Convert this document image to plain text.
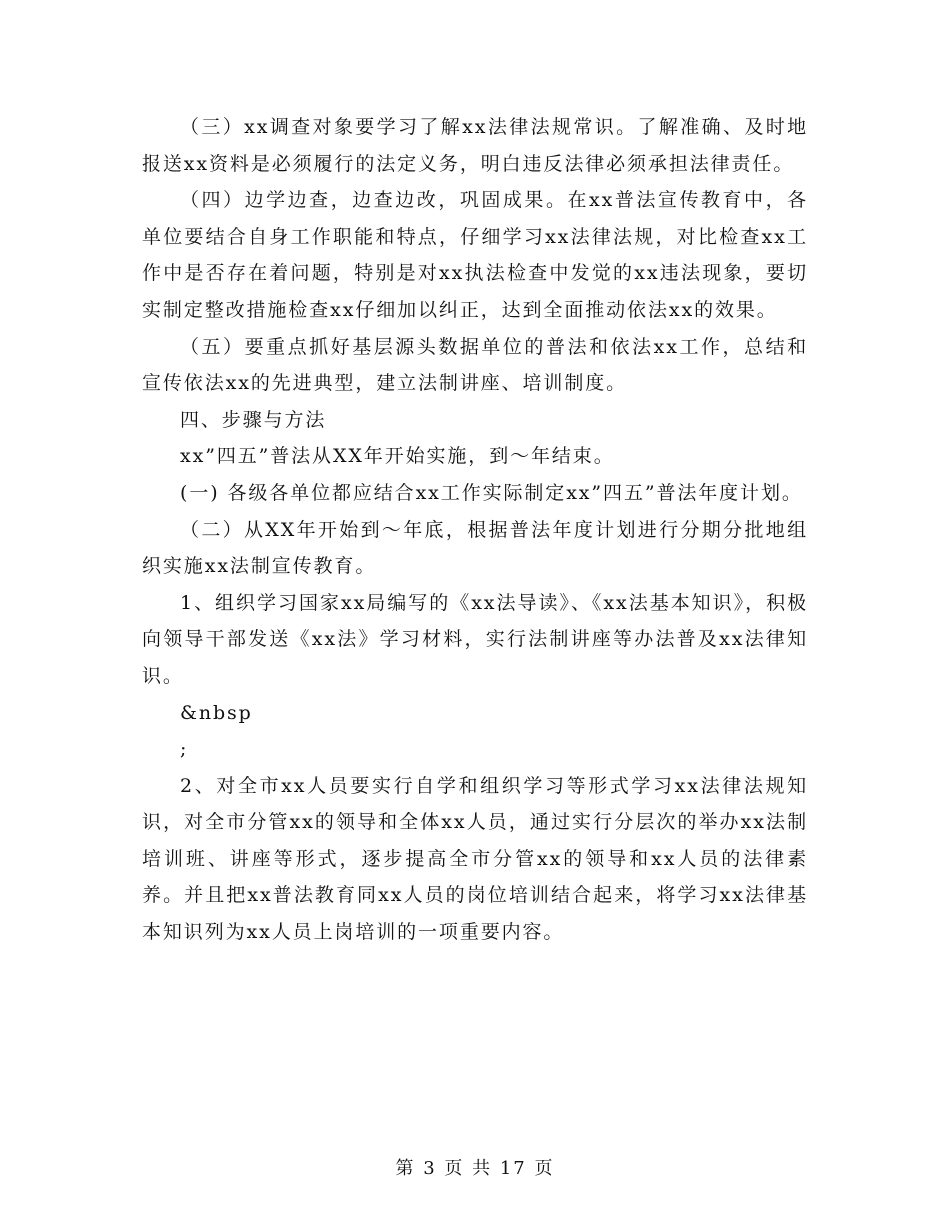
（三）xx调查对象要学习了解xx法律法规常识。了解准确、及时地报送xx资料是必须履行的法定义务，明白违反法律必须承担法律责任。

（四）边学边查，边查边改，巩固成果。在xx普法宣传教育中，各单位要结合自身工作职能和特点，仔细学习xx法律法规，对比检查xx工作中是否存在着问题，特别是对xx执法检查中发觉的xx违法现象，要切实制定整改措施检查xx仔细加以纠正，达到全面推动依法xx的效果。

（五）要重点抓好基层源头数据单位的普法和依法xx工作，总结和宣传依法xx的先进典型，建立法制讲座、培训制度。

四、步骤与方法

xx”四五”普法从XX年开始实施，到～年结束。

(一) 各级各单位都应结合xx工作实际制定xx”四五”普法年度计划。

（二）从XX年开始到～年底，根据普法年度计划进行分期分批地组织实施xx法制宣传教育。

1、组织学习国家xx局编写的《xx法导读》、《xx法基本知识》，积极向领导干部发送《xx法》学习材料，实行法制讲座等办法普及xx法律知识。

&nbsp

;

2、对全市xx人员要实行自学和组织学习等形式学习xx法律法规知识，对全市分管xx的领导和全体xx人员，通过实行分层次的举办xx法制培训班、讲座等形式，逐步提高全市分管xx的领导和xx人员的法律素养。并且把xx普法教育同xx人员的岗位培训结合起来，将学习xx法律基本知识列为xx人员上岗培训的一项重要内容。

第 3 页 共 17 页
